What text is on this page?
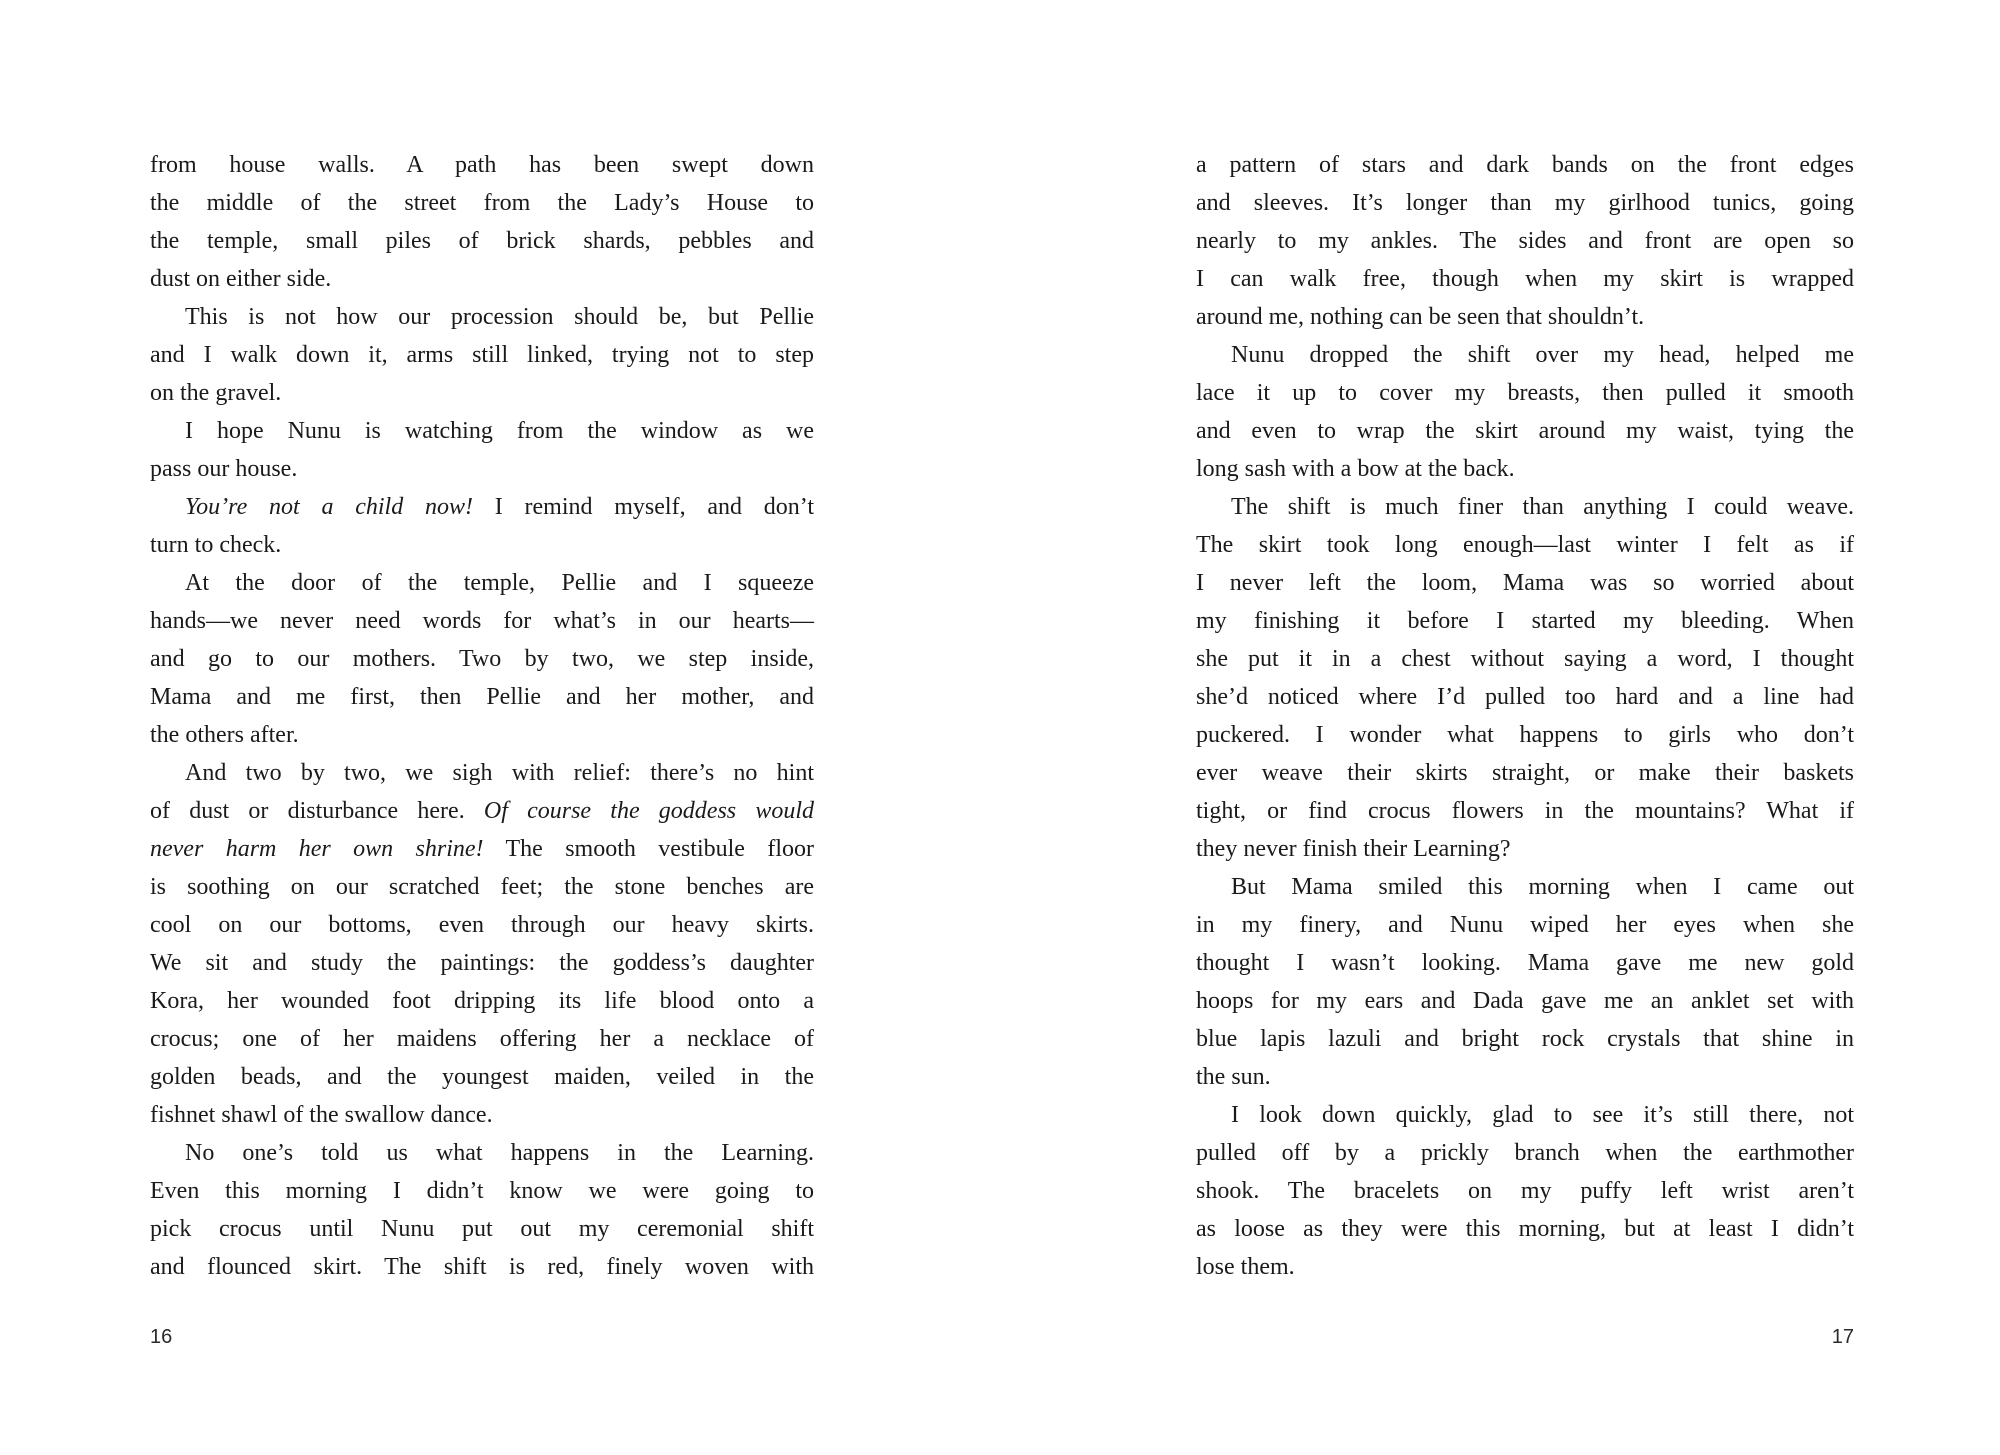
from house walls. A path has been swept down
the middle of the street from the Lady’s House to
the temple, small piles of brick shards, pebbles and
dust on either side.
This is not how our procession should be, but Pellie
and I walk down it, arms still linked, trying not to step
on the gravel.
I hope Nunu is watching from the window as we
pass our house.
You’re not a child now! I remind myself, and don’t
turn to check.
At the door of the temple, Pellie and I squeeze
hands—we never need words for what’s in our hearts—
and go to our mothers. Two by two, we step inside,
Mama and me first, then Pellie and her mother, and
the others after.
And two by two, we sigh with relief: there’s no hint
of dust or disturbance here. Of course the goddess would
never harm her own shrine! The smooth vestibule floor
is soothing on our scratched feet; the stone benches are
cool on our bottoms, even through our heavy skirts.
We sit and study the paintings: the goddess’s daughter
Kora, her wounded foot dripping its life blood onto a
crocus; one of her maidens offering her a necklace of
golden beads, and the youngest maiden, veiled in the
fishnet shawl of the swallow dance.
No one’s told us what happens in the Learning.
Even this morning I didn’t know we were going to
pick crocus until Nunu put out my ceremonial shift
and flounced skirt. The shift is red, finely woven with
a pattern of stars and dark bands on the front edges
and sleeves. It’s longer than my girlhood tunics, going
nearly to my ankles. The sides and front are open so
I can walk free, though when my skirt is wrapped
around me, nothing can be seen that shouldn’t.
Nunu dropped the shift over my head, helped me
lace it up to cover my breasts, then pulled it smooth
and even to wrap the skirt around my waist, tying the
long sash with a bow at the back.
The shift is much finer than anything I could weave.
The skirt took long enough—last winter I felt as if
I never left the loom, Mama was so worried about
my finishing it before I started my bleeding. When
she put it in a chest without saying a word, I thought
she’d noticed where I’d pulled too hard and a line had
puckered. I wonder what happens to girls who don’t
ever weave their skirts straight, or make their baskets
tight, or find crocus flowers in the mountains? What if
they never finish their Learning?
But Mama smiled this morning when I came out
in my finery, and Nunu wiped her eyes when she
thought I wasn’t looking. Mama gave me new gold
hoops for my ears and Dada gave me an anklet set with
blue lapis lazuli and bright rock crystals that shine in
the sun.
I look down quickly, glad to see it’s still there, not
pulled off by a prickly branch when the earthmother
shook. The bracelets on my puffy left wrist aren’t
as loose as they were this morning, but at least I didn’t
lose them.
16	17
